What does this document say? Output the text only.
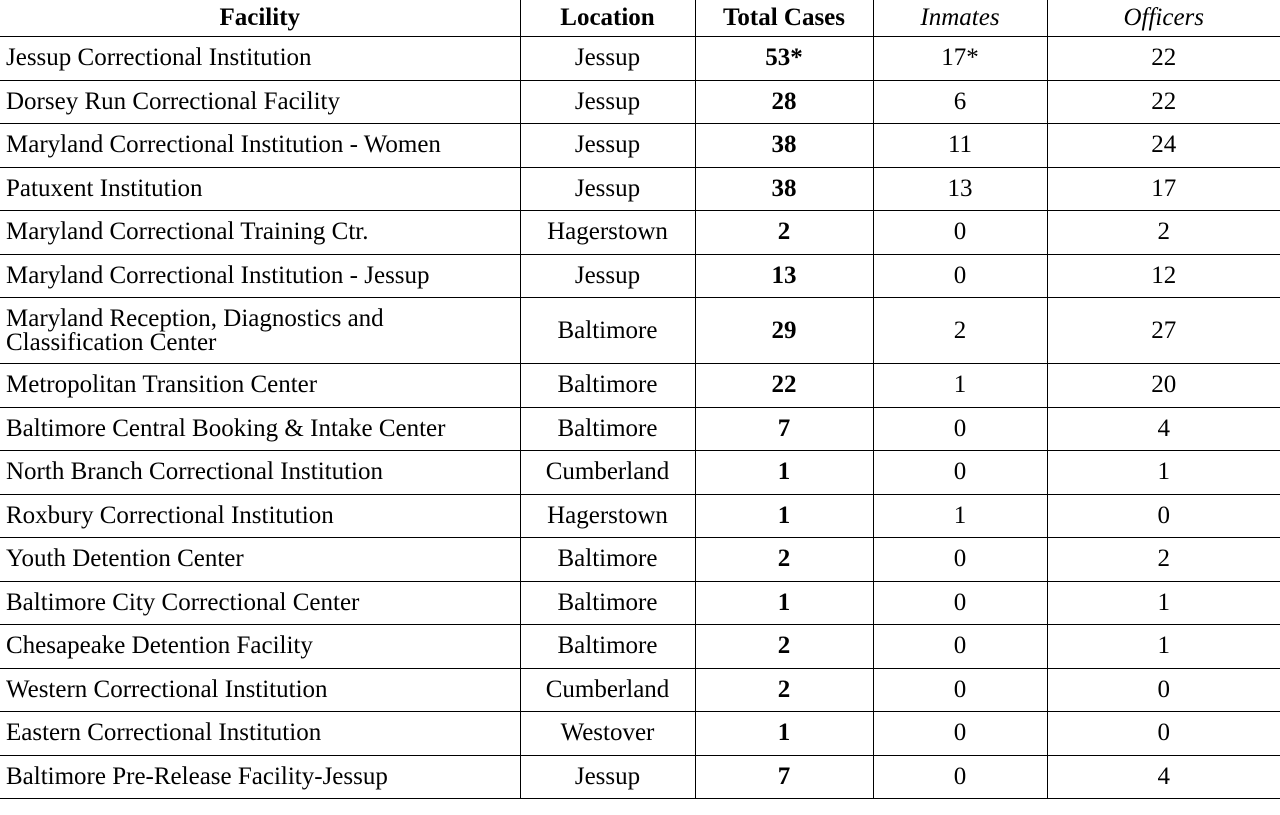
Facility	Location	Total Cases	Inmates	Officers
Jessup Correctional Institution	Jessup	53*	17*	22
Dorsey Run Correctional Facility	Jessup	28	6	22
Maryland Correctional Institution - Women	Jessup	38	11	24
Patuxent Institution	Jessup	38	13	17
Maryland Correctional Training Ctr.	Hagerstown	2	0	2
Maryland Correctional Institution - Jessup	Jessup	13	0	12
Maryland Reception, Diagnostics and Classification Center	Baltimore	29	2	27
Metropolitan Transition Center	Baltimore	22	1	20
Baltimore Central Booking & Intake Center	Baltimore	7	0	4
North Branch Correctional Institution	Cumberland	1	0	1
Roxbury Correctional Institution	Hagerstown	1	1	0
Youth Detention Center	Baltimore	2	0	2
Baltimore City Correctional Center	Baltimore	1	0	1
Chesapeake Detention Facility	Baltimore	2	0	1
Western Correctional Institution	Cumberland	2	0	0
Eastern Correctional Institution	Westover	1	0	0
Baltimore Pre-Release Facility-Jessup	Jessup	7	0	4
